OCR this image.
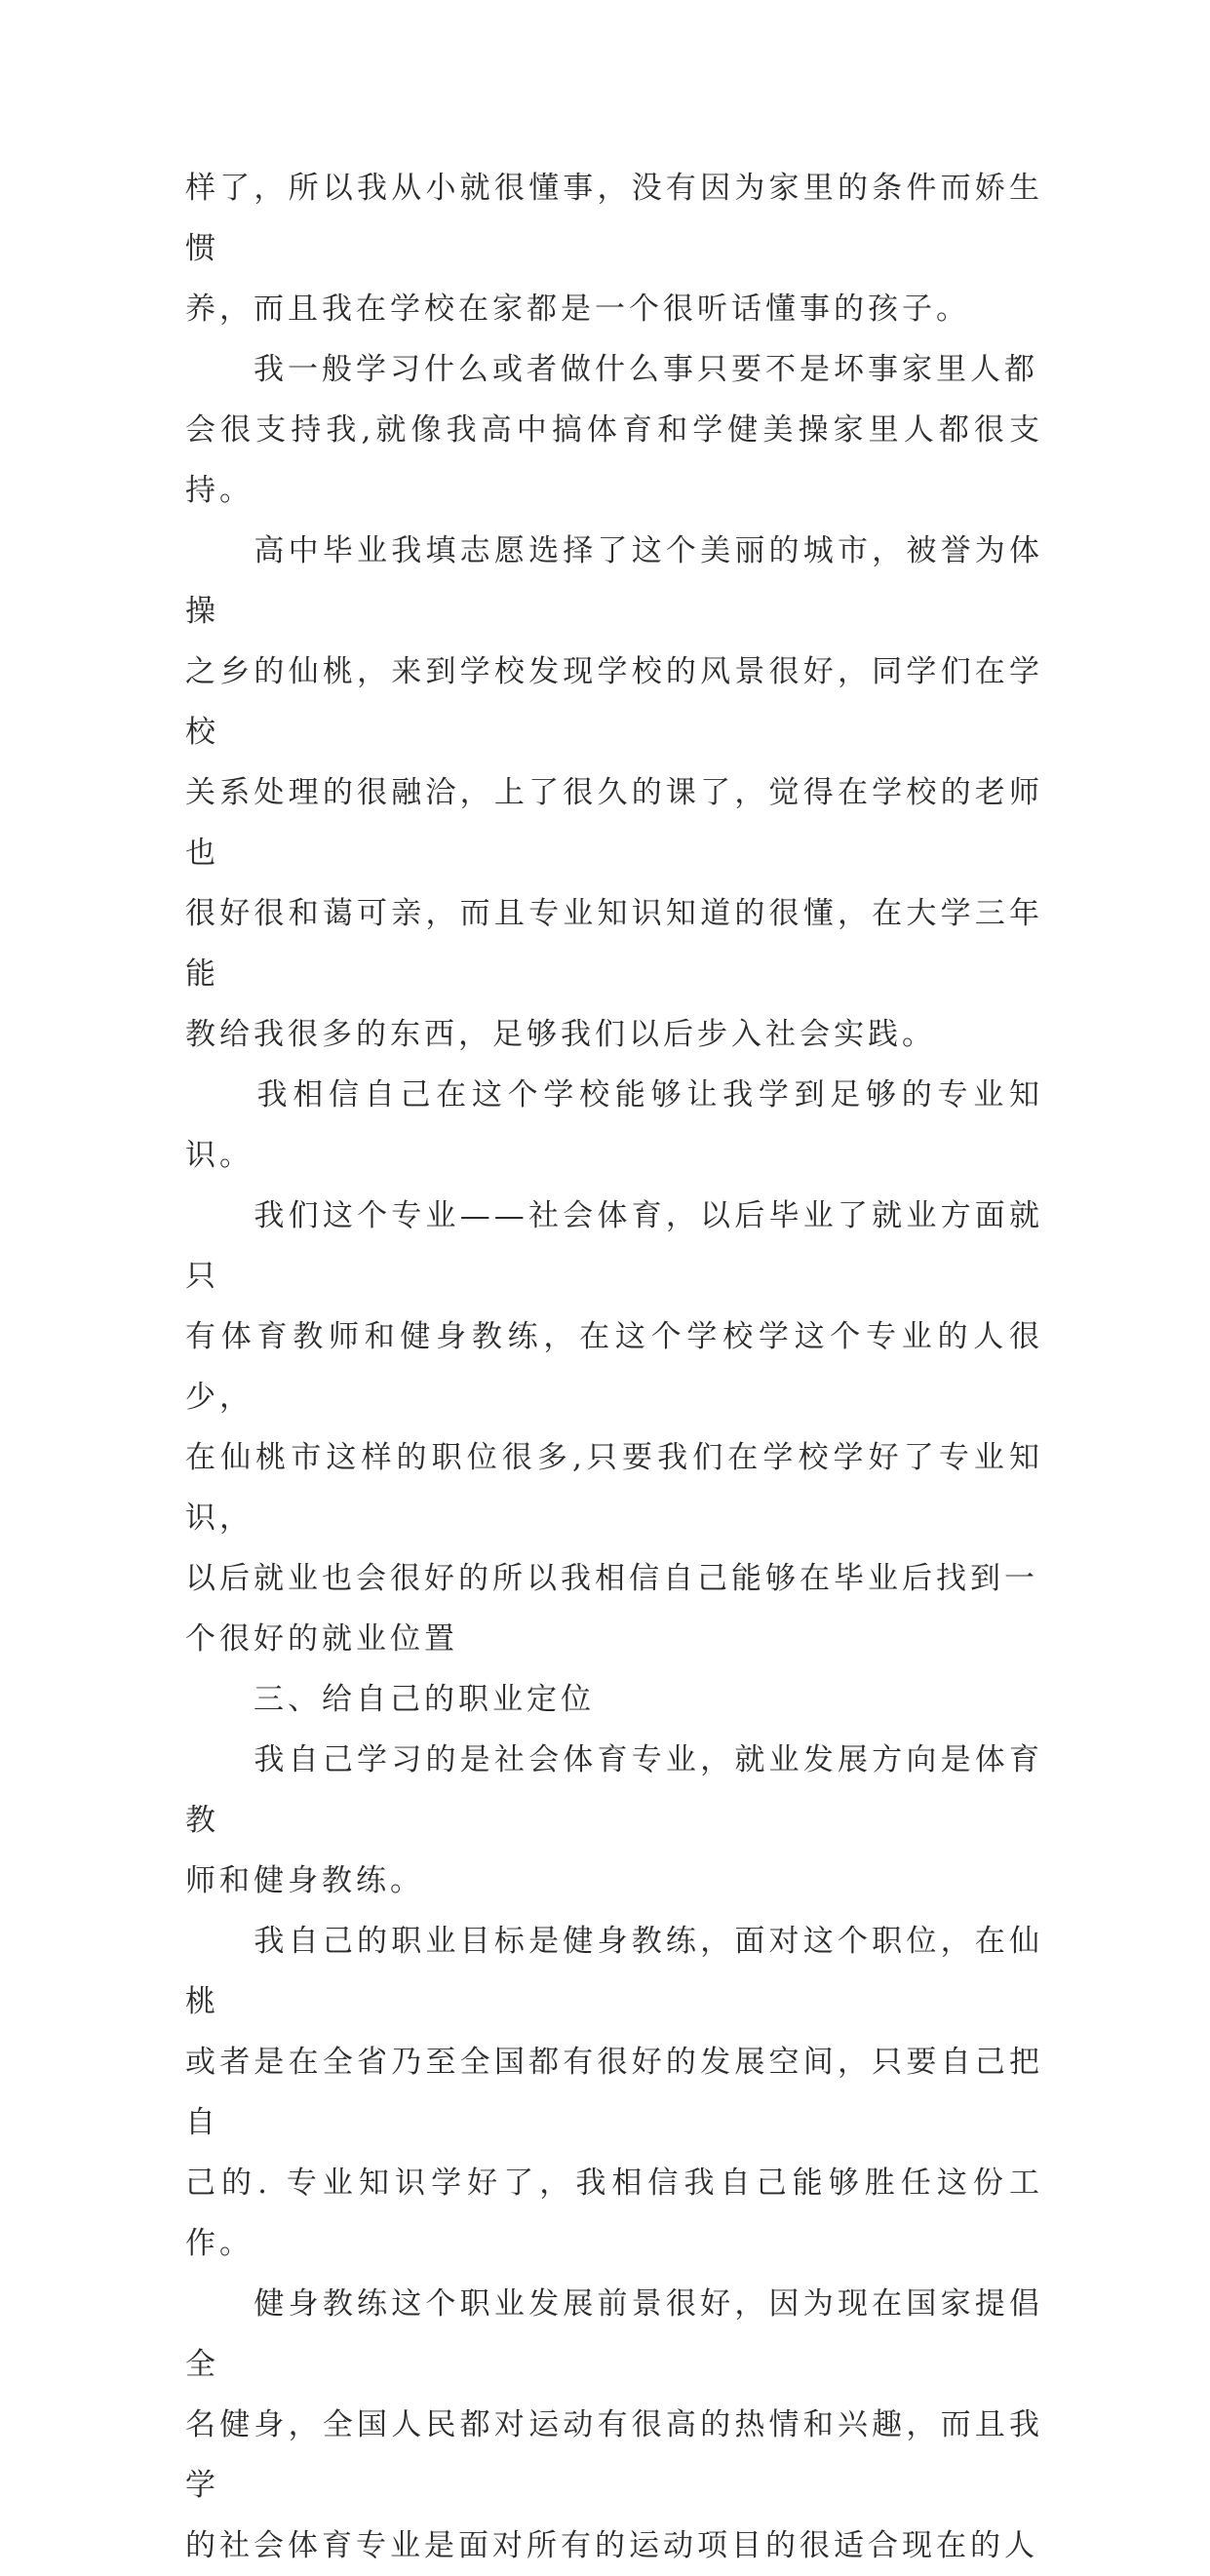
样了，所以我从小就很懂事，没有因为家里的条件而娇生惯
养，而且我在学校在家都是一个很听话懂事的孩子。

　　我一般学习什么或者做什么事只要不是坏事家里人都
会很支持我,就像我高中搞体育和学健美操家里人都很支持。

　　高中毕业我填志愿选择了这个美丽的城市，被誉为体操
之乡的仙桃，来到学校发现学校的风景很好，同学们在学校
关系处理的很融洽，上了很久的课了，觉得在学校的老师也
很好很和蔼可亲，而且专业知识知道的很懂，在大学三年能
教给我很多的东西，足够我们以后步入社会实践。

　　我相信自己在这个学校能够让我学到足够的专业知识。

　　我们这个专业——社会体育，以后毕业了就业方面就只
有体育教师和健身教练，在这个学校学这个专业的人很少，
在仙桃市这样的职位很多,只要我们在学校学好了专业知识，
以后就业也会很好的所以我相信自己能够在毕业后找到一
个很好的就业位置

　　三、给自己的职业定位

　　我自己学习的是社会体育专业，就业发展方向是体育教
师和健身教练。

　　我自己的职业目标是健身教练，面对这个职位，在仙桃
或者是在全省乃至全国都有很好的发展空间，只要自己把自
己的. 专业知识学好了，我相信我自己能够胜任这份工作。

　　健身教练这个职业发展前景很好，因为现在国家提倡全
名健身，全国人民都对运动有很高的热情和兴趣，而且我学
的社会体育专业是面对所有的运动项目的很适合现在的人
